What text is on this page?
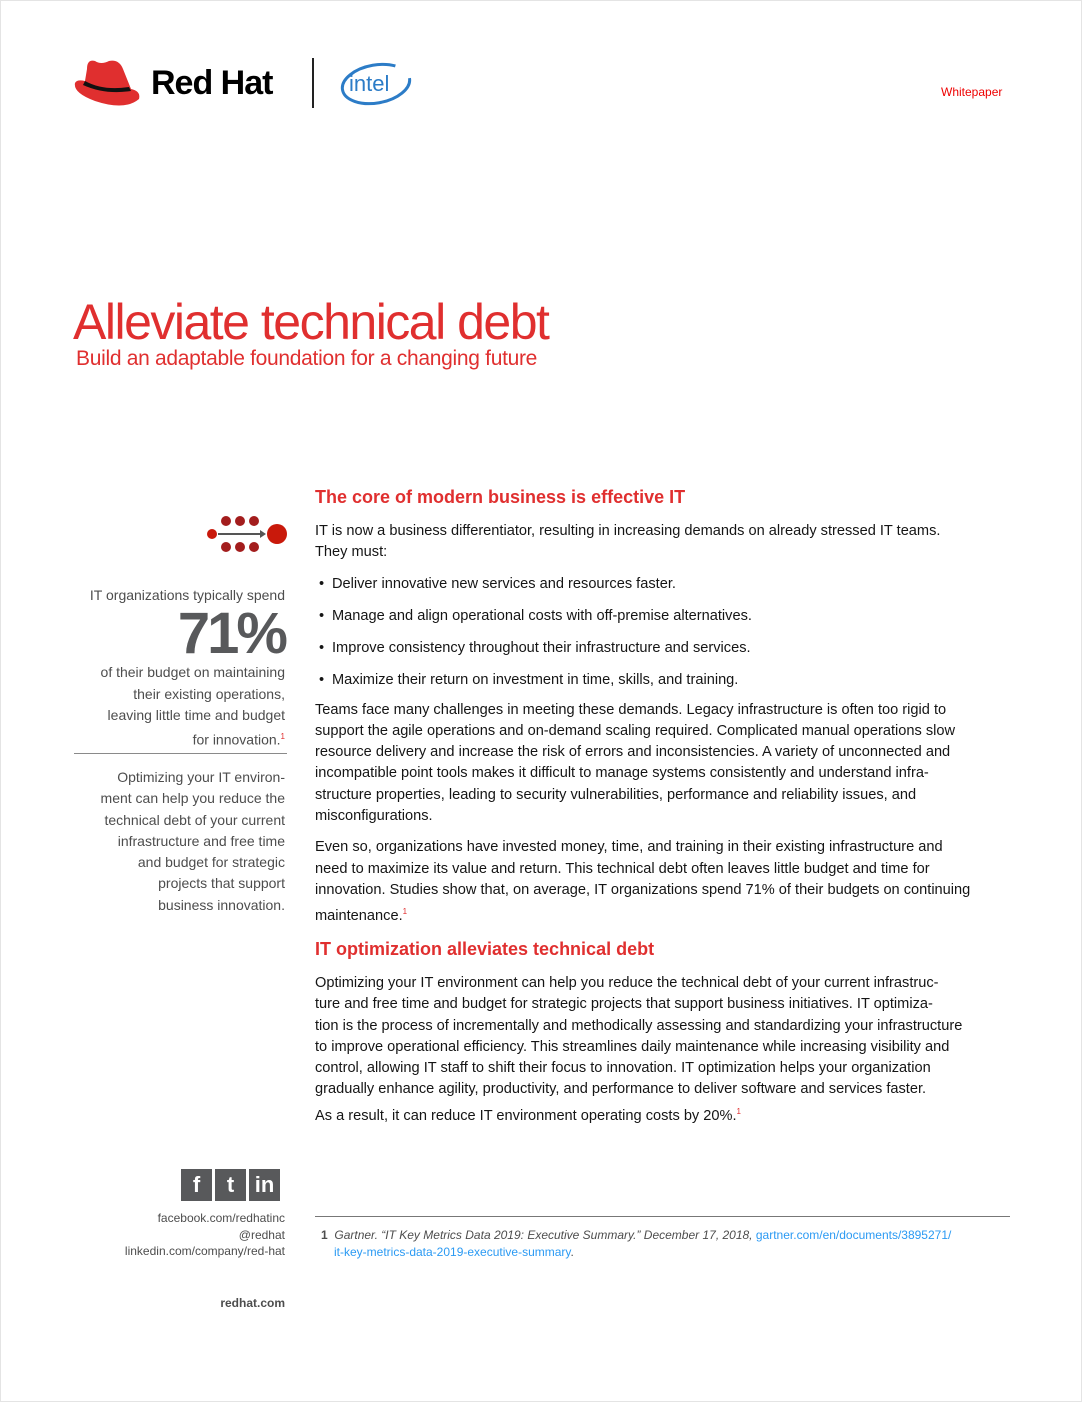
Red Hat	intel	Whitepaper
Alleviate technical debt
Build an adaptable foundation for a changing future
IT organizations typically spend
71%
of their budget on maintaining
their existing operations,
leaving little time and budget
for innovation.$^1$
Optimizing your IT environ-
ment can help you reduce the
technical debt of your current
infrastructure and free time
and budget for strategic
projects that support
business innovation.
The core of modern business is effective IT
IT is now a business differentiator, resulting in increasing demands on already stressed IT teams.
They must:
• Deliver innovative new services and resources faster.
• Manage and align operational costs with off-premise alternatives.
• Improve consistency throughout their infrastructure and services.
• Maximize their return on investment in time, skills, and training.
Teams face many challenges in meeting these demands. Legacy infrastructure is often too rigid to
support the agile operations and on-demand scaling required. Complicated manual operations slow
resource delivery and increase the risk of errors and inconsistencies. A variety of unconnected and
incompatible point tools makes it difficult to manage systems consistently and understand infra-
structure properties, leading to security vulnerabilities, performance and reliability issues, and
misconfigurations.
Even so, organizations have invested money, time, and training in their existing infrastructure and
need to maximize its value and return. This technical debt often leaves little budget and time for
innovation. Studies show that, on average, IT organizations spend 71% of their budgets on continuing
maintenance.$^1$
IT optimization alleviates technical debt
Optimizing your IT environment can help you reduce the technical debt of your current infrastruc-
ture and free time and budget for strategic projects that support business initiatives. IT optimiza-
tion is the process of incrementally and methodically assessing and standardizing your infrastructure
to improve operational efficiency. This streamlines daily maintenance while increasing visibility and
control, allowing IT staff to shift their focus to innovation. IT optimization helps your organization
gradually enhance agility, productivity, and performance to deliver software and services faster.
As a result, it can reduce IT environment operating costs by 20%.$^1$
f	t in
facebook.com/redhatinc
@redhat
linkedin.com/company/red-hat
redhat.com
1 Gartner. “IT Key Metrics Data 2019: Executive Summary.” December 17, 2018, gartner.com/en/documents/3895271/
it-key-metrics-data-2019-executive-summary.
